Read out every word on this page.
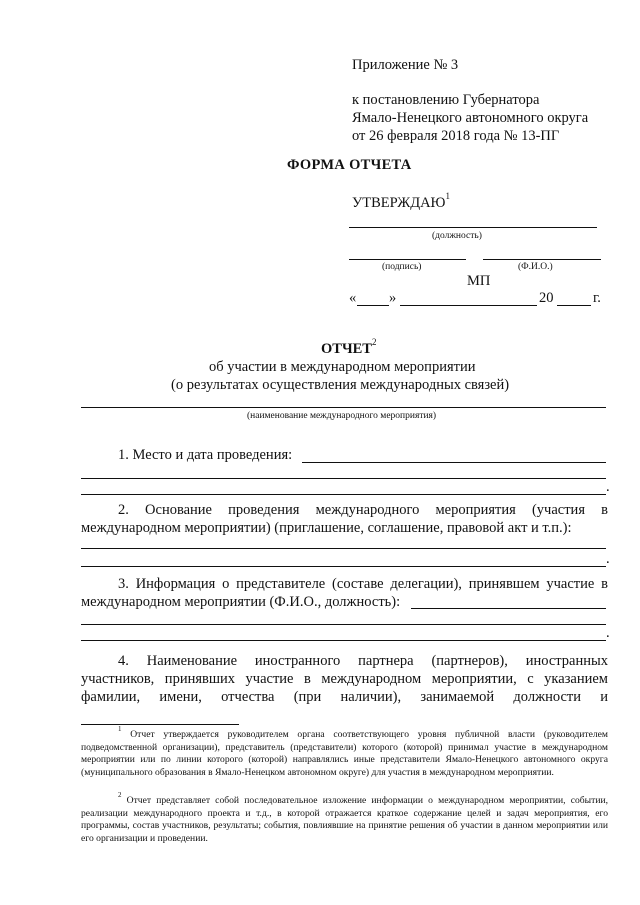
Приложение № 3
к постановлению Губернатора
Ямало-Ненецкого автономного округа
от 26 февраля 2018 года № 13-ПГ
ФОРМА ОТЧЕТА
УТВЕРЖДАЮ$^1$
(должность)
(подпись)	(Ф.И.О.)
МП
« »	20	г.
ОТЧЕТ$^2$
об участии в международном мероприятии
(о результатах осуществления международных связей)
(наименование международного мероприятия)
1. Место и дата проведения:
.
2. Основание проведения международного мероприятия (участия в
международном мероприятии) (приглашение, соглашение, правовой акт и т.п.):
.
3. Информация о представителе (составе делегации), принявшем участие в
международном мероприятии (Ф.И.О., должность):
.
4. Наименование иностранного партнера (партнеров), иностранных
участников, принявших участие в международном мероприятии, с указанием
фамилии, имени, отчества (при наличии), занимаемой должности и
$^1$ Отчет утверждается руководителем органа соответствующего уровня публичной власти (руководителем подведомственной организации), представитель (представители) которого (которой) принимал участие в международном мероприятии или по линии которого (которой) направлялись иные представители Ямало-Ненецкого автономного округа (муниципального образования в Ямало-Ненецком автономном округе) для участия в международном мероприятии.
$^2$ Отчет представляет собой последовательное изложение информации о международном мероприятии, событии, реализации международного проекта и т.д., в которой отражается краткое содержание целей и задач мероприятия, его программы, состав участников, результаты; события, повлиявшие на принятие решения об участии в данном мероприятии или его организации и проведении.
